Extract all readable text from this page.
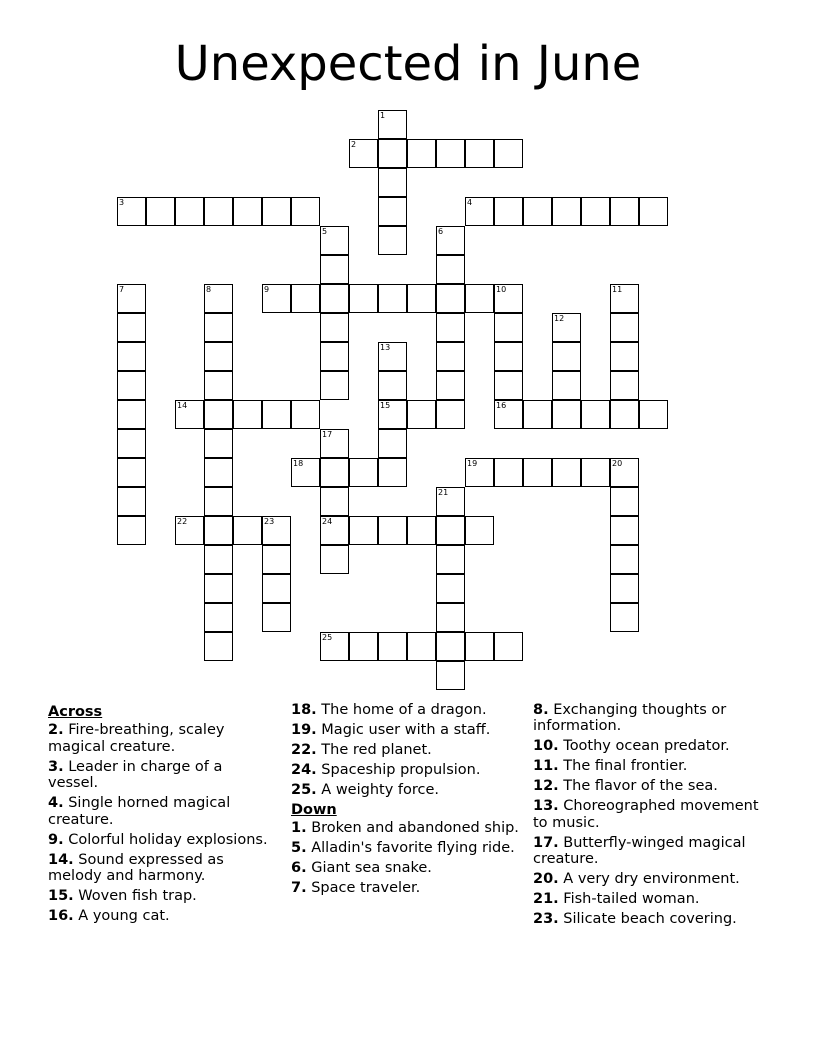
Unexpected in June
1
2
3	4
5	6
7	8	9	10
16
11
12
13
15
14
17
24
18	19	20
21
22	23
25
Across
2. Fire-breathing, scaley magical creature.
3. Leader in charge of a vessel.
4. Single horned magical creature.
9. Colorful holiday explosions.
14. Sound expressed as melody and harmony.
15. Woven fish trap.
16. A young cat.
18. The home of a dragon.
19. Magic user with a staff.
22. The red planet.
24. Spaceship propulsion.
25. A weighty force.
Down
1. Broken and abandoned ship.
5. Alladin's favorite flying ride.
6. Giant sea snake.
7. Space traveler.
8. Exchanging thoughts or information.
10. Toothy ocean predator.
11. The final frontier.
12. The flavor of the sea.
13. Choreographed movement to music.
17. Butterfly-winged magical creature.
20. A very dry environment.
21. Fish-tailed woman.
23. Silicate beach covering.
